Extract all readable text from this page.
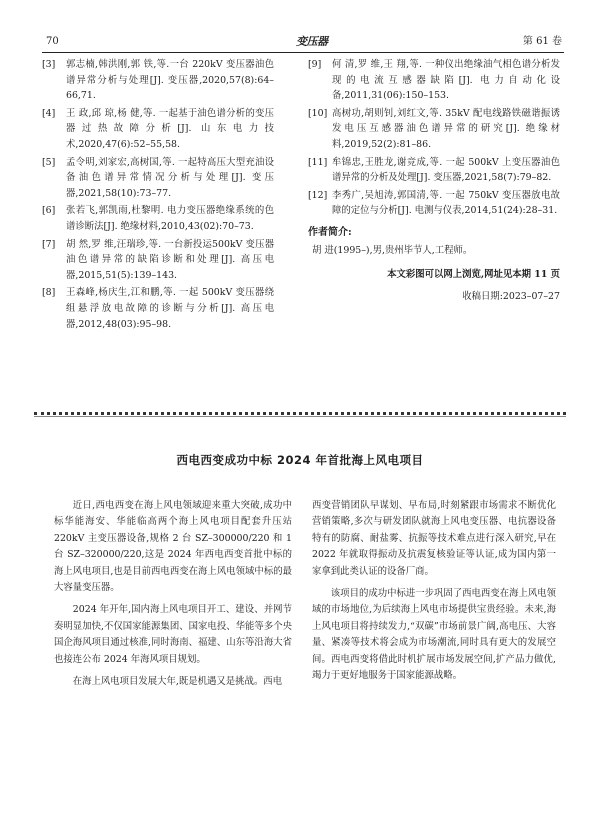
70	变压器	第 61 卷
[3] 郭志楠,韩洪刚,郭 铁,等.一台 220kV 变压器油色谱异常分析与处理[J]. 变压器,2020,57(8):64–66,71.
[4] 王 政,邱 琼,杨 健,等. 一起基于油色谱分析的变压器过热故障分析[J]. 山东电力技术,2020,47(6):52–55,58.
[5] 孟令明,刘家宏,高树国,等. 一起特高压大型充油设备油色谱异常情况分析与处理[J]. 变压器,2021,58(10):73–77.
[6] 张若飞,郭凯雨,杜黎明. 电力变压器绝缘系统的色谱诊断法[J]. 绝缘材料,2010,43(02):70–73.
[7] 胡 然,罗 维,汪瑞珍,等. 一台新投运500kV 变压器油色谱异常的缺陷诊断和处理[J]. 高压电器,2015,51(5):139–143.
[8] 王森峰,杨庆生,江和鹏,等. 一起 500kV 变压器绕组悬浮放电故障的诊断与分析[J]. 高压电器,2012,48(03):95–98.
[9] 何 清,罗 维,王 翔,等. 一种仪出绝缘油气相色谱分析发现的电流互感器缺陷[J]. 电力自动化设备,2011,31(06):150–153.
[10] 高树功,胡则钊,刘红文,等. 35kV 配电线路铁磁谐振诱发电压互感器油色谱异常的研究[J]. 绝缘材料,2019,52(2):81–86.
[11] 牟锦忠,王胜龙,谢竞成,等. 一起 500kV 上变压器油色谱异常的分析及处理[J]. 变压器,2021,58(7):79–82.
[12] 李秀广,吴旭涛,郭国清,等. 一起 750kV 变压器放电故障的定位与分析[J]. 电测与仪表,2014,51(24):28–31.
作者简介:
胡 进(1995–),男,贵州毕节人,工程师。
本文彩图可以网上浏览,网址见本期 11 页
收稿日期:2023–07–27
西电西变成功中标 2024 年首批海上风电项目

近日,西电西变在海上风电领域迎来重大突破,成功中标华能海安、华能临高两个海上风电项目配套升压站 220kV 主变压器设备,规格 2 台 SZ–300000/220 和 1 台 SZ–320000/220,这是 2024 年西电西变首批中标的海上风电项目,也是目前西电西变在海上风电领域中标的最大容量变压器。

2024 年开年,国内海上风电项目开工、建设、并网节奏明显加快,不仅国家能源集团、国家电投、华能等多个央国企海风项目通过核准,同时海南、福建、山东等沿海大省也接连公布 2024 年海风项目规划。

在海上风电项目发展大年,既是机遇又是挑战。西电

西变营销团队早谋划、早布局,时刻紧跟市场需求不断优化营销策略,多次与研发团队就海上风电变压器、电抗器设备特有的防腐、耐盐雾、抗振等技术难点进行深入研究,早在 2022 年就取得振动及抗震复核验证等认证,成为国内第一家拿到此类认证的设备厂商。

该项目的成功中标进一步巩固了西电西变在海上风电领域的市场地位,为后续海上风电市场提供宝贵经验。未来,海上风电项目将持续发力,“双碳”市场前景广阔,高电压、大容量、紧凑等技术将会成为市场潮流,同时具有更大的发展空间。西电西变将借此时机扩展市场发展空间,扩产品力做优,竭力于更好地服务于国家能源战略。
